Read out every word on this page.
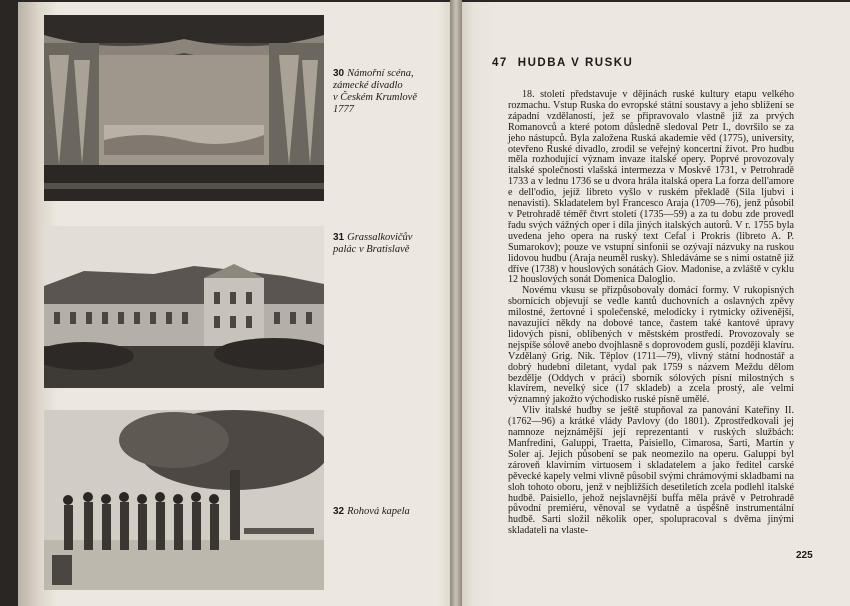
30 Námořní scéna,
zámecké divadlo
v Českém Krumlově
1777
31 Grassalkovičův
palác v Bratislavě
32 Rohová kapela
47 HUDBA V RUSKU

18. století představuje v dějinách ruské kultury etapu velkého rozmachu. Vstup Ruska do evropské státní soustavy a jeho sblížení se západní vzdělaností, jež se připravovalo vlastně již za prvých Romanovců a které potom důsledně sledoval Petr I., dovršilo se za jeho nástupců. Byla založena Ruská akademie věd (1775), university, otevřeno Ruské divadlo, zrodil se veřejný koncertní život. Pro hudbu měla rozhodující význam invaze italské opery. Poprvé provozovaly italské společnosti vlašská intermezza v Moskvě 1731, v Petrohradě 1733 a v lednu 1736 se u dvora hrála italská opera La forza dell'amore e dell'odio, jejíž libreto vyšlo v ruském překladě (Sila ljubvi i nenavisti). Skladatelem byl Francesco Araja (1709—76), jenž působil v Petrohradě téměř čtvrt století (1735—59) a za tu dobu zde provedl řadu svých vážných oper i díla jiných italských autorů. V r. 1755 byla uvedena jeho opera na ruský text Cefal i Prokris (libreto A. P. Sumarokov); pouze ve vstupní sinfonii se ozývají názvuky na ruskou lidovou hudbu (Araja neuměl rusky). Shledáváme se s nimi ostatně již dříve (1738) v houslových sonátách Giov. Madonise, a zvláště v cyklu 12 houslových sonát Domenica Dalogliо.

Novému vkusu se přizpůsobovaly domácí formy. V rukopisných sbornících objevují se vedle kantů duchovních a oslavných zpěvy milostné, žertovné i společenské, melodicky i rytmicky oživenější, navazující někdy na dobové tance, častem také kantové úpravy lidových písní, oblíbených v městském prostředí. Provozovaly se nejspíše sólově anebo dvojhlasně s doprovodem guslí, později klavíru. Vzdělaný Grig. Nik. Těplov (1711—79), vlivný státní hodnostář a dobrý hudební diletant, vydal pak 1759 s názvem Meždu dělom bezdělje (Oddych v práci) sborník sólových písní milostných s klavírem, nevelký sice (17 skladeb) a zcela prostý, ale velmi významný jakožto východisko ruské písně umělé.

Vliv italské hudby se ještě stupňoval za panování Kateřiny II. (1762—96) a krátké vlády Pavlovy (do 1801). Zprostředkovali jej namnoze nejznámější její reprezentanti v ruských službách: Manfredini, Galuppi, Traetta, Paisiello, Cimarosa, Sarti, Martín y Soler aj. Jejich působení se pak neomezilo na operu. Galuppi byl zároveň klavírním virtuosem i skladatelem a jako ředitel carské pěvecké kapely velmi vlivně působil svými chrámovými skladbami na sloh tohoto oboru, jenž v nejbližších desetiletích zcela podlehl italské hudbě. Paisiello, jehož nejslavnější buffa měla právě v Petrohradě původní premiéru, věnoval se vydatně a úspěšně instrumentální hudbě. Sarti složil několik oper, spolupracoval s dvěma jinými skladateli na vlaste-

225
